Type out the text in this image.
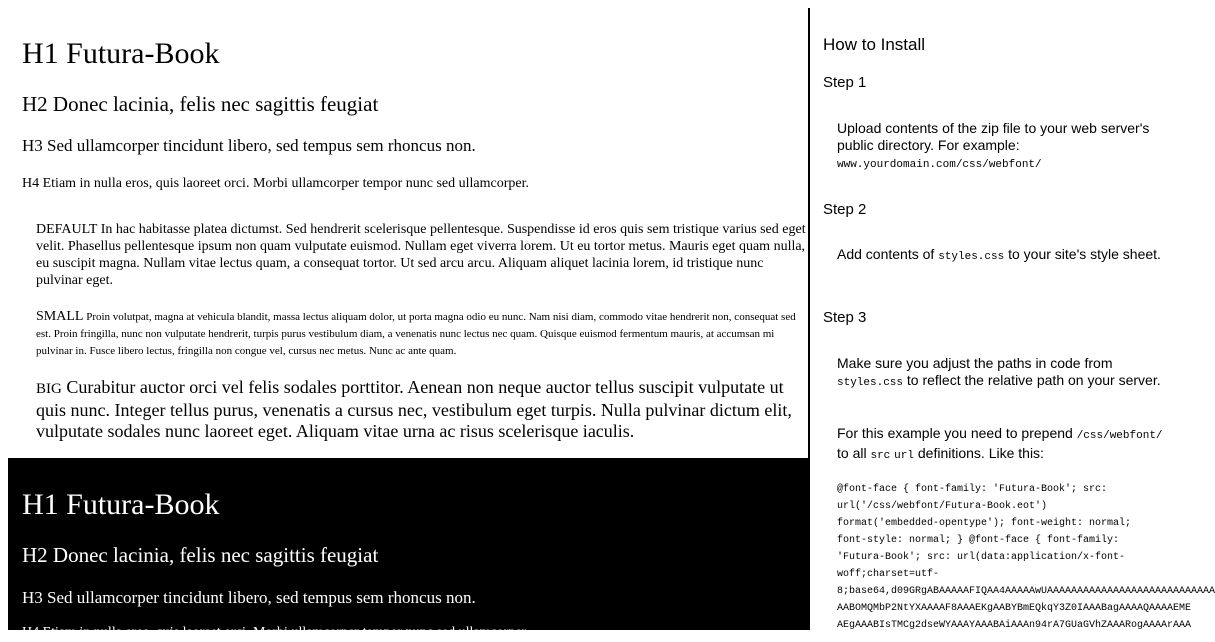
H1 Futura-Book
H2 Donec lacinia, felis nec sagittis feugiat
H3 Sed ullamcorper tincidunt libero, sed tempus sem rhoncus non.
H4 Etiam in nulla eros, quis laoreet orci. Morbi ullamcorper tempor nunc sed ullamcorper.
DEFAULT In hac habitasse platea dictumst. Sed hendrerit scelerisque pellentesque. Suspendisse id eros quis sem tristique varius sed eget velit. Phasellus pellentesque ipsum non quam vulputate euismod. Nullam eget viverra lorem. Ut eu tortor metus. Mauris eget quam nulla, eu suscipit magna. Nullam vitae lectus quam, a consequat tortor. Ut sed arcu arcu. Aliquam aliquet lacinia lorem, id tristique nunc pulvinar eget.
SMALL Proin volutpat, magna at vehicula blandit, massa lectus aliquam dolor, ut porta magna odio eu nunc. Nam nisi diam, commodo vitae hendrerit non, consequat sed est. Proin fringilla, nunc non vulputate hendrerit, turpis purus vestibulum diam, a venenatis nunc lectus nec quam. Quisque euismod fermentum mauris, at accumsan mi pulvinar in. Fusce libero lectus, fringilla non congue vel, cursus nec metus. Nunc ac ante quam.
BIG Curabitur auctor orci vel felis sodales porttitor. Aenean non neque auctor tellus suscipit vulputate ut quis nunc. Integer tellus purus, venenatis a cursus nec, vestibulum eget turpis. Nulla pulvinar dictum elit, vulputate sodales nunc laoreet eget. Aliquam vitae urna ac risus scelerisque iaculis.
H1 Futura-Book
H2 Donec lacinia, felis nec sagittis feugiat
H3 Sed ullamcorper tincidunt libero, sed tempus sem rhoncus non.
H4 Etiam in nulla eros, quis laoreet orci. Morbi ullamcorper tempor nunc sed ullamcorper.
How to Install
Step 1
Upload contents of the zip file to your web server's public directory. For example:
www.yourdomain.com/css/webfont/
Step 2
Add contents of styles.css to your site's style sheet.
Step 3
Make sure you adjust the paths in code from styles.css to reflect the relative path on your server.
For this example you need to prepend /css/webfont/ to all src url definitions. Like this:
@font-face { font-family: 'Futura-Book'; src:
url('/css/webfont/Futura-Book.eot')
format('embedded-opentype'); font-weight: normal;
font-style: normal; } @font-face { font-family:
'Futura-Book'; src: url(data:application/x-font-
woff;charset=utf-
8;base64,d09GRgABAAAAAFIQAA4AAAAAwUAAAAAAAAAAAAAAAAAAAAAAAAAAAA
AABOMQMbP2NtYXAAAAF8AAAEKgAABYBmEQkqY3Z0IAAABagAAAAQAAAAEME
AEgAAABIsTMCg2dseWYAAAYAAABAiAAAn94rA7GUaGVhZAAARogAAAArAAA
